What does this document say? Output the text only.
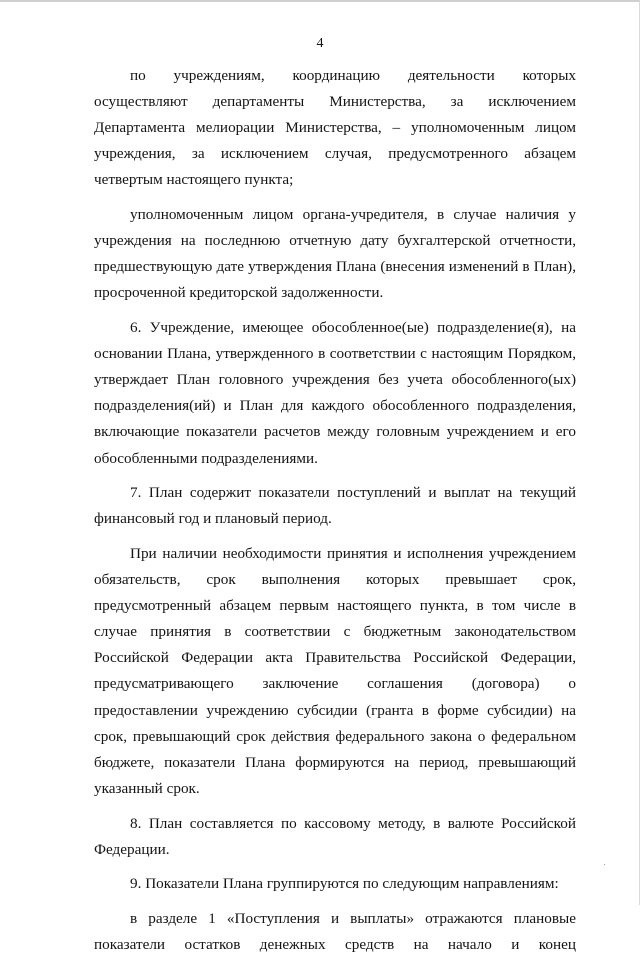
4

по учреждениям, координацию деятельности которых осуществляют департаменты Министерства, за исключением Департамента мелиорации Министерства, – уполномоченным лицом учреждения, за исключением случая, предусмотренного абзацем четвертым настоящего пункта;

уполномоченным лицом органа-учредителя, в случае наличия у учреждения на последнюю отчетную дату бухгалтерской отчетности, предшествующую дате утверждения Плана (внесения изменений в План), просроченной кредиторской задолженности.

6. Учреждение, имеющее обособленное(ые) подразделение(я), на основании Плана, утвержденного в соответствии с настоящим Порядком, утверждает План головного учреждения без учета обособленного(ых) подразделения(ий) и План для каждого обособленного подразделения, включающие показатели расчетов между головным учреждением и его обособленными подразделениями.

7. План содержит показатели поступлений и выплат на текущий финансовый год и плановый период.

При наличии необходимости принятия и исполнения учреждением обязательств, срок выполнения которых превышает срок, предусмотренный абзацем первым настоящего пункта, в том числе в случае принятия в соответствии с бюджетным законодательством Российской Федерации акта Правительства Российской Федерации, предусматривающего заключение соглашения (договора) о предоставлении учреждению субсидии (гранта в форме субсидии) на срок, превышающий срок действия федерального закона о федеральном бюджете, показатели Плана формируются на период, превышающий указанный срок.

8. План составляется по кассовому методу, в валюте Российской Федерации.

9. Показатели Плана группируются по следующим направлениям:

в разделе 1 «Поступления и выплаты» отражаются плановые показатели остатков денежных средств на начало и конец
